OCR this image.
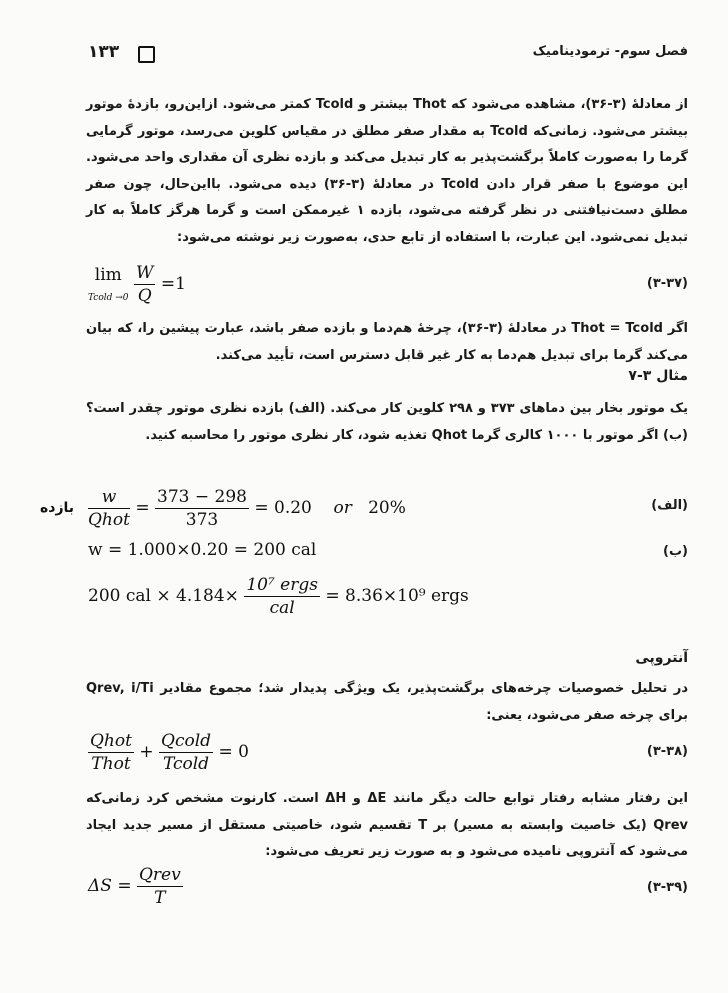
۱۳۳	فصل سوم- ترمودینامیک
از معادلهٔ (۳-۳۶)، مشاهده می‌شود که Thot بیشتر و Tcold کمتر می‌شود. ازاین‌رو، بازدهٔ موتور بیشتر می‌شود. زمانی‌که Tcold به مقدار صفر مطلق در مقیاس کلوین می‌رسد، موتور گرمایی گرما را به‌صورت کاملاً برگشت‌پذیر به کار تبدیل می‌کند و بازده نظری آن مقداری واحد می‌شود. این موضوع با صفر قرار دادن Tcold در معادلهٔ (۳-۳۶) دیده می‌شود. بااین‌حال، چون صفر مطلق دست‌نیافتنی در نظر گرفته می‌شود، بازده ۱ غیرممکن است و گرما هرگز کاملاً به کار تبدیل نمی‌شود. این عبارت، با استفاده از تابع حدی، به‌صورت زیر نوشته می‌شود:
(۳-۳۷)
lim
Tcold $\to 0 \frac{W}{Q} =1$
اگر Thot = Tcold در معادلهٔ (۳-۳۶)، چرخهٔ هم‌دما و بازده صفر باشد، عبارت پیشین را، که بیان می‌کند گرما برای تبدیل هم‌دما به کار غیر قابل دسترس است، تأیید می‌کند.
مثال ۳-۷
یک موتور بخار بین دماهای ۳۷۳ و ۲۹۸ کلوین کار می‌کند. (الف) بازده نظری موتور چقدر است؟ (ب) اگر موتور با ۱۰۰۰ کالری گرما Qhot تغذیه شود، کار نظری موتور را محاسبه کنید.
(الف)
$\frac{w}{\text{Qhot}} = \frac{373 - 298}{373} = 0.20$ or 20%
بازده
(ب)
w = 1.000×0.20 = 200 cal
200 cal × $4.184\times \frac{\text{10⁷ ergs}}{\text{cal}} = 8.36\times 10^9$ ergs
آنتروپی
در تحلیل خصوصیات چرخه‌های برگشت‌پذیر، یک ویژگی پدیدار شد؛ مجموع مقادیر Qrev, i/Ti برای چرخه صفر می‌شود، یعنی:
(۳-۳۸)
$\frac{\text{Qhot}}{\text{Thot}} + \frac{\text{Qcold}}{\text{Tcold}} = 0$
این رفتار مشابه رفتار توابع حالت دیگر مانند ΔE و ΔH است. کارنوت مشخص کرد زمانی‌که Qrev (یک خاصیت وابسته به مسیر) بر T تقسیم شود، خاصیتی مستقل از مسیر جدید ایجاد می‌شود که آنتروپی نامیده می‌شود و به صورت زیر تعریف می‌شود:
(۳-۳۹)
$\Delta S = \frac{\text{Qrev}}{T}$
